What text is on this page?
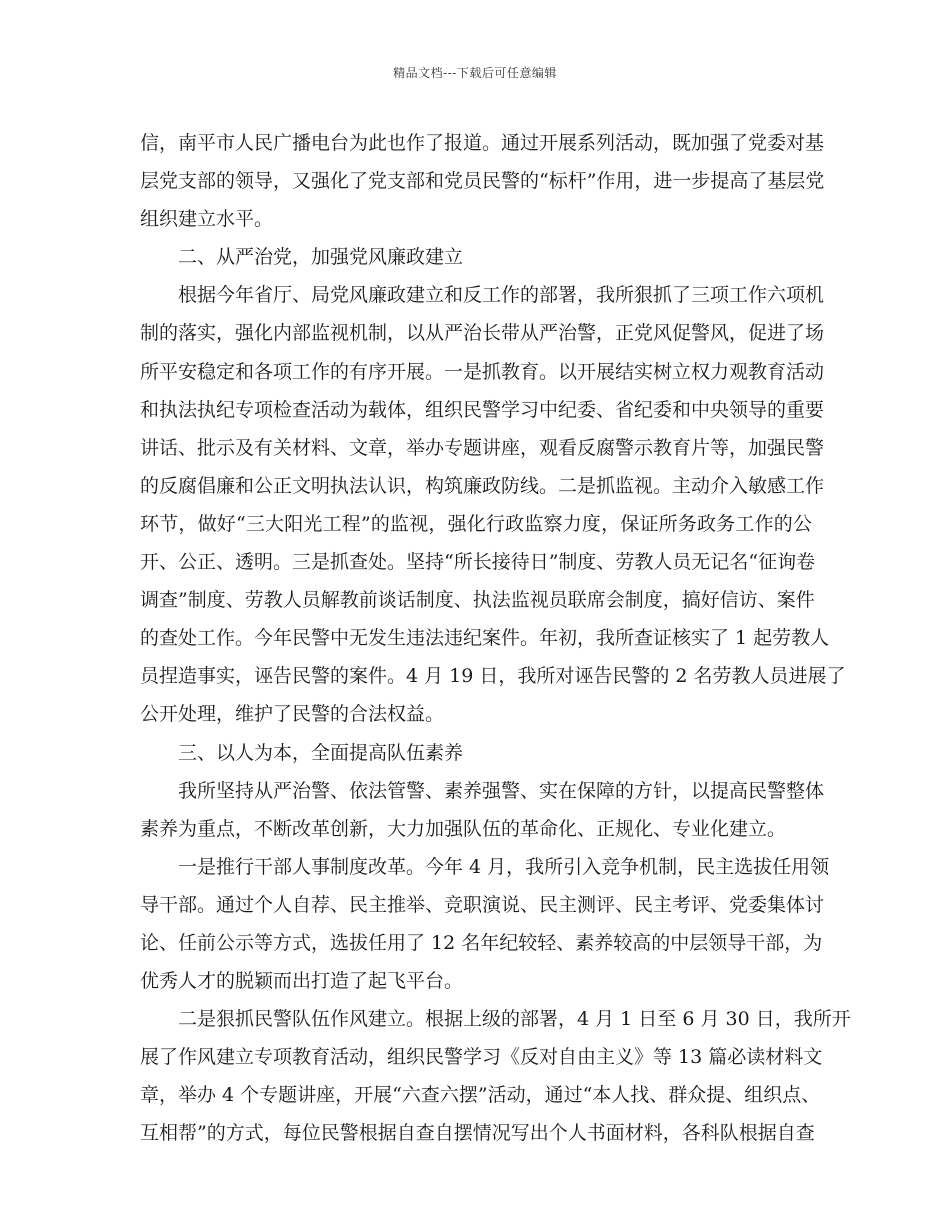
精品文档---下载后可任意编辑
信，南平市人民广播电台为此也作了报道。通过开展系列活动，既加强了党委对基
层党支部的领导，又强化了党支部和党员民警的“标杆”作用，进一步提高了基层党
组织建立水平。
二、从严治党，加强党风廉政建立
根据今年省厅、局党风廉政建立和反工作的部署，我所狠抓了三项工作六项机
制的落实，强化内部监视机制，以从严治长带从严治警，正党风促警风，促进了场
所平安稳定和各项工作的有序开展。一是抓教育。以开展结实树立权力观教育活动
和执法执纪专项检查活动为载体，组织民警学习中纪委、省纪委和中央领导的重要
讲话、批示及有关材料、文章，举办专题讲座，观看反腐警示教育片等，加强民警
的反腐倡廉和公正文明执法认识，构筑廉政防线。二是抓监视。主动介入敏感工作
环节，做好“三大阳光工程”的监视，强化行政监察力度，保证所务政务工作的公
开、公正、透明。三是抓查处。坚持“所长接待日”制度、劳教人员无记名“征询卷
调查”制度、劳教人员解教前谈话制度、执法监视员联席会制度，搞好信访、案件
的查处工作。今年民警中无发生违法违纪案件。年初，我所查证核实了 1 起劳教人
员捏造事实，诬告民警的案件。4 月 19 日，我所对诬告民警的 2 名劳教人员进展了
公开处理，维护了民警的合法权益。
三、以人为本，全面提高队伍素养
我所坚持从严治警、依法管警、素养强警、实在保障的方针，以提高民警整体
素养为重点，不断改革创新，大力加强队伍的革命化、正规化、专业化建立。
一是推行干部人事制度改革。今年 4 月，我所引入竞争机制，民主选拔任用领
导干部。通过个人自荐、民主推举、竞职演说、民主测评、民主考评、党委集体讨
论、任前公示等方式，选拔任用了 12 名年纪较轻、素养较高的中层领导干部，为
优秀人才的脱颖而出打造了起飞平台。
二是狠抓民警队伍作风建立。根据上级的部署，4 月 1 日至 6 月 30 日，我所开
展了作风建立专项教育活动，组织民警学习《反对自由主义》等 13 篇必读材料文
章，举办 4 个专题讲座，开展“六查六摆”活动，通过“本人找、群众提、组织点、
互相帮”的方式，每位民警根据自查自摆情况写出个人书面材料，各科队根据自查
